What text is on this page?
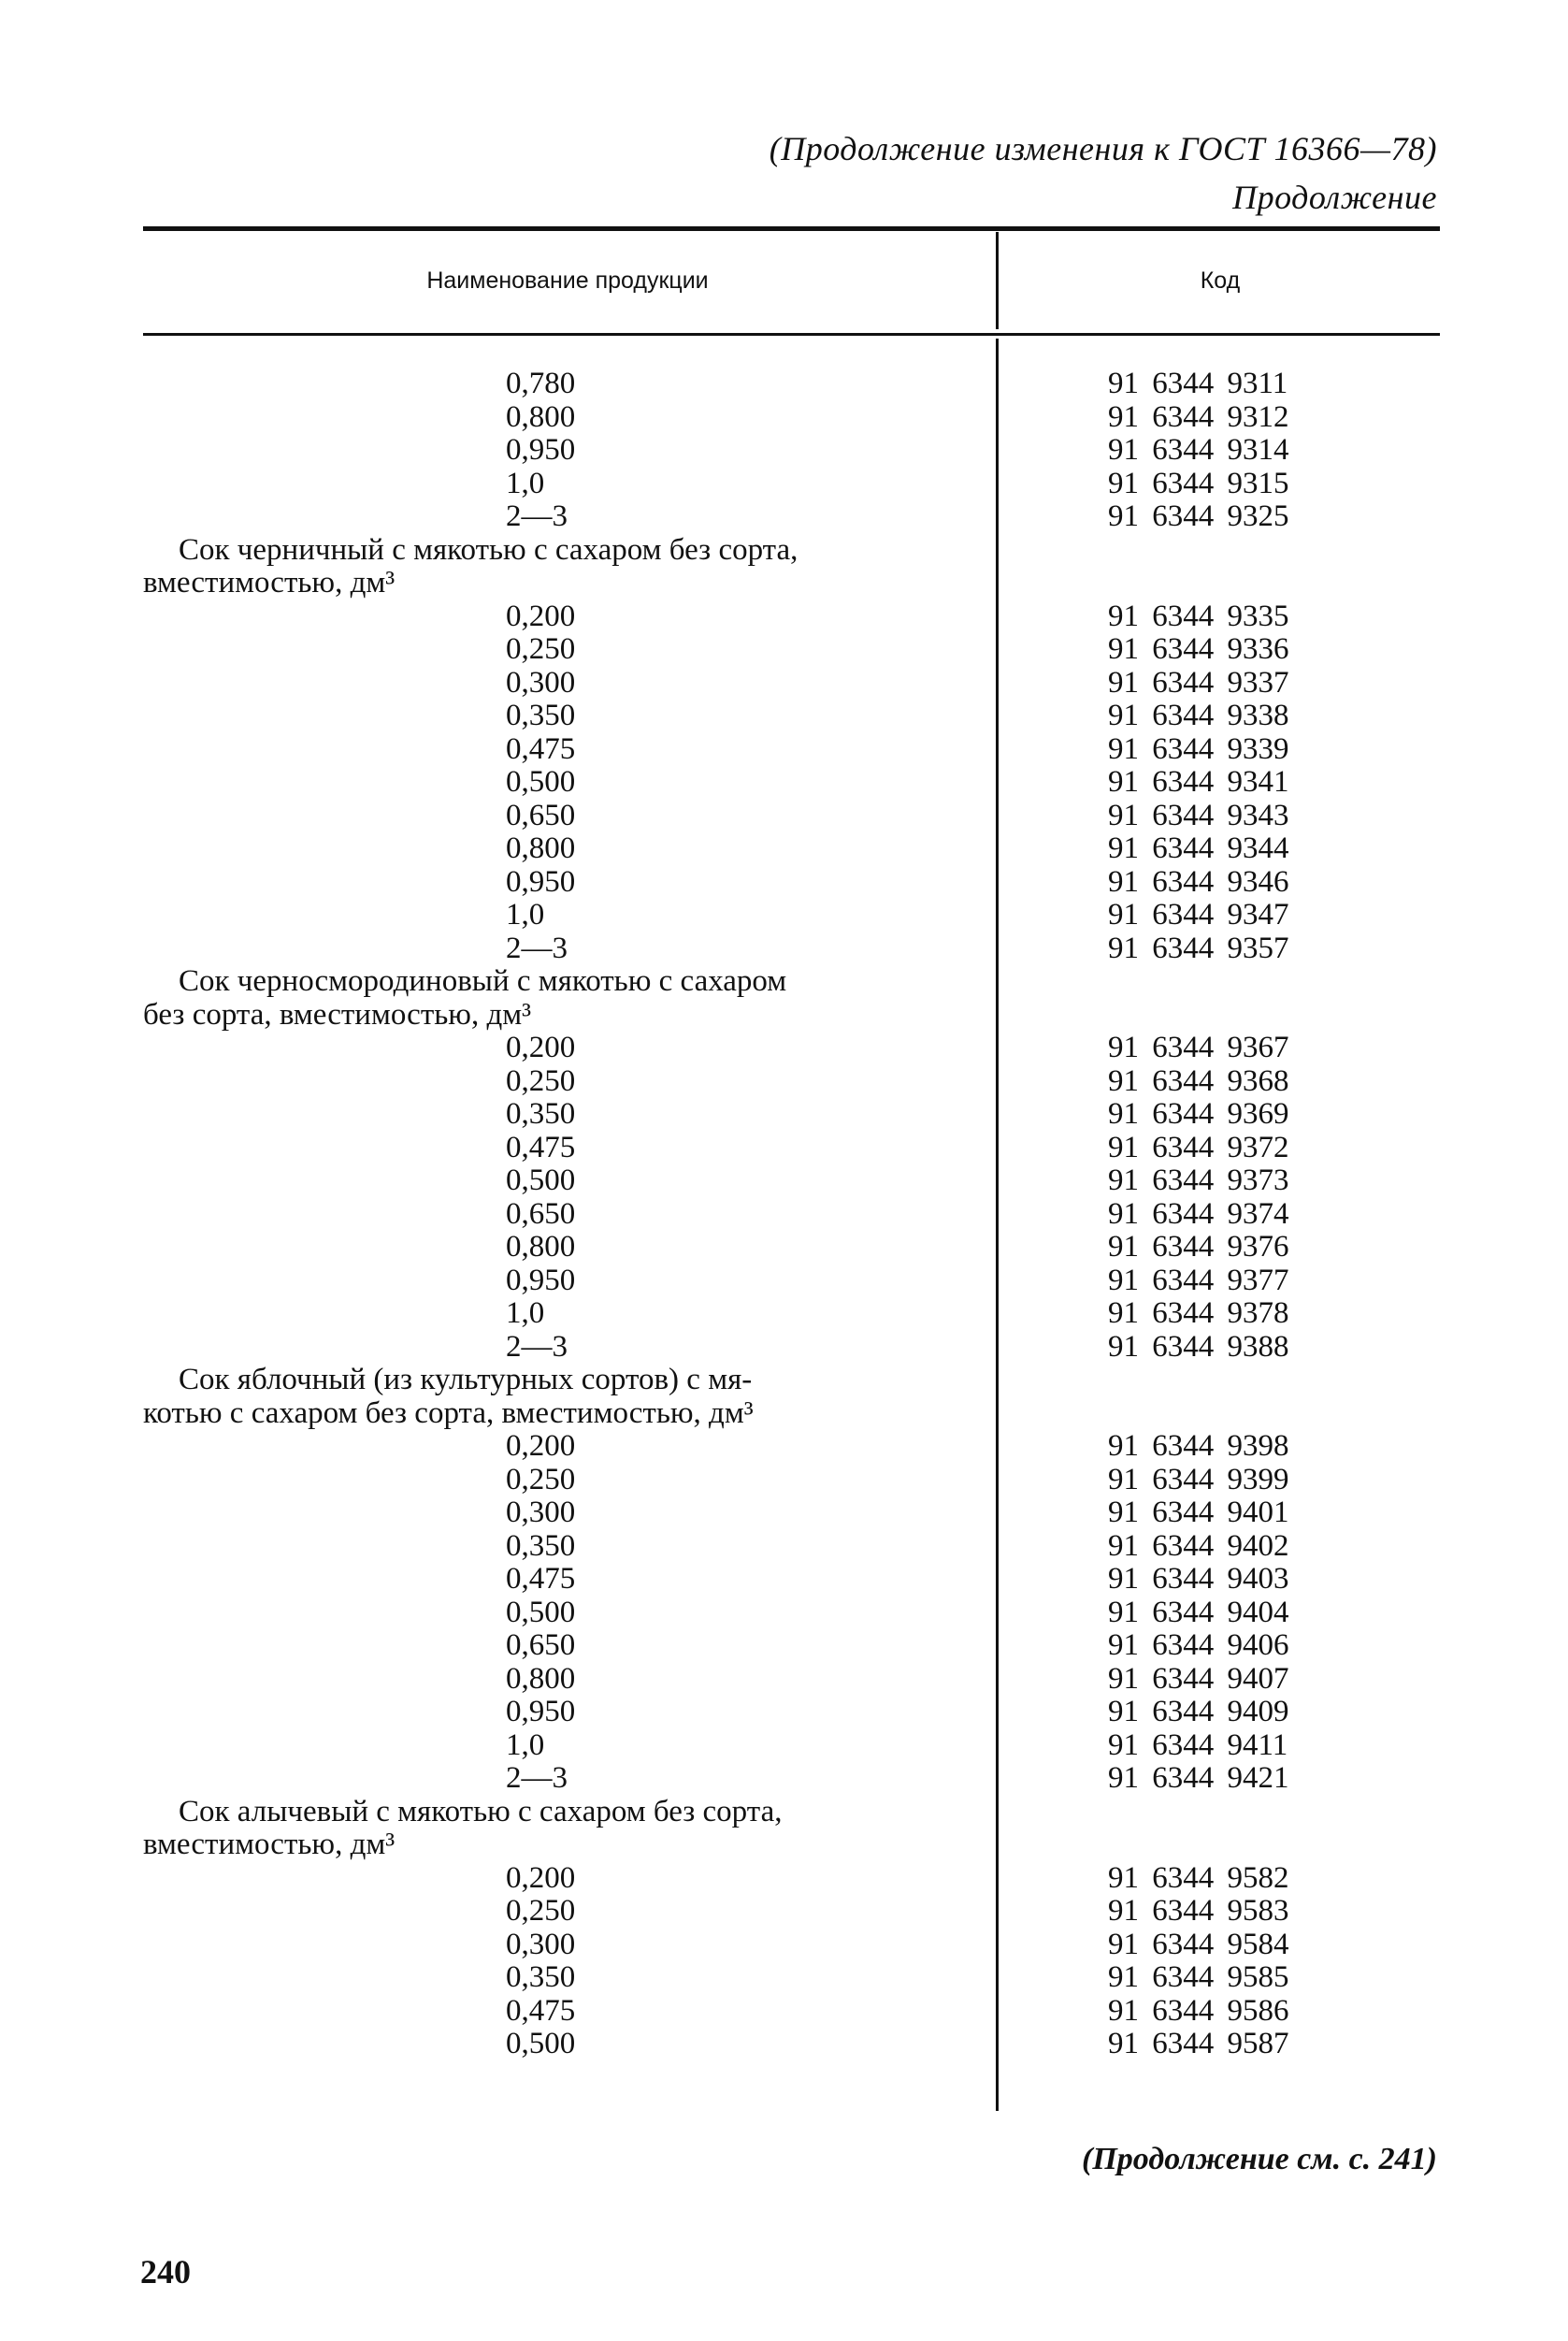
(Продолжение изменения к ГОСТ 16366—78)
Продолжение
Наименование продукции	Код
0,780	91 6344 9311
0,800	91 6344 9312
0,950	91 6344 9314
1,0	91 6344 9315
2—3	91 6344 9325
Сок черничный с мякотью с сахаром без сорта,
вместимостью, дм³
0,200	91 6344 9335
0,250	91 6344 9336
0,300	91 6344 9337
0,350	91 6344 9338
0,475	91 6344 9339
0,500	91 6344 9341
0,650	91 6344 9343
0,800	91 6344 9344
0,950	91 6344 9346
1,0	91 6344 9347
2—3	91 6344 9357
Сок черносмородиновый с мякотью с сахаром
без сорта, вместимостью, дм³
0,200	91 6344 9367
0,250	91 6344 9368
0,350	91 6344 9369
0,475	91 6344 9372
0,500	91 6344 9373
0,650	91 6344 9374
0,800	91 6344 9376
0,950	91 6344 9377
1,0	91 6344 9378
2—3	91 6344 9388
Сок яблочный (из культурных сортов) с мя-
котью с сахаром без сорта, вместимостью, дм³
0,200	91 6344 9398
0,250	91 6344 9399
0,300	91 6344 9401
0,350	91 6344 9402
0,475	91 6344 9403
0,500	91 6344 9404
0,650	91 6344 9406
0,800	91 6344 9407
0,950	91 6344 9409
1,0	91 6344 9411
2—3	91 6344 9421
Сок алычевый с мякотью с сахаром без сорта,
вместимостью, дм³
0,200	91 6344 9582
0,250	91 6344 9583
0,300	91 6344 9584
0,350	91 6344 9585
0,475	91 6344 9586
0,500	91 6344 9587
(Продолжение см. с. 241)
240
